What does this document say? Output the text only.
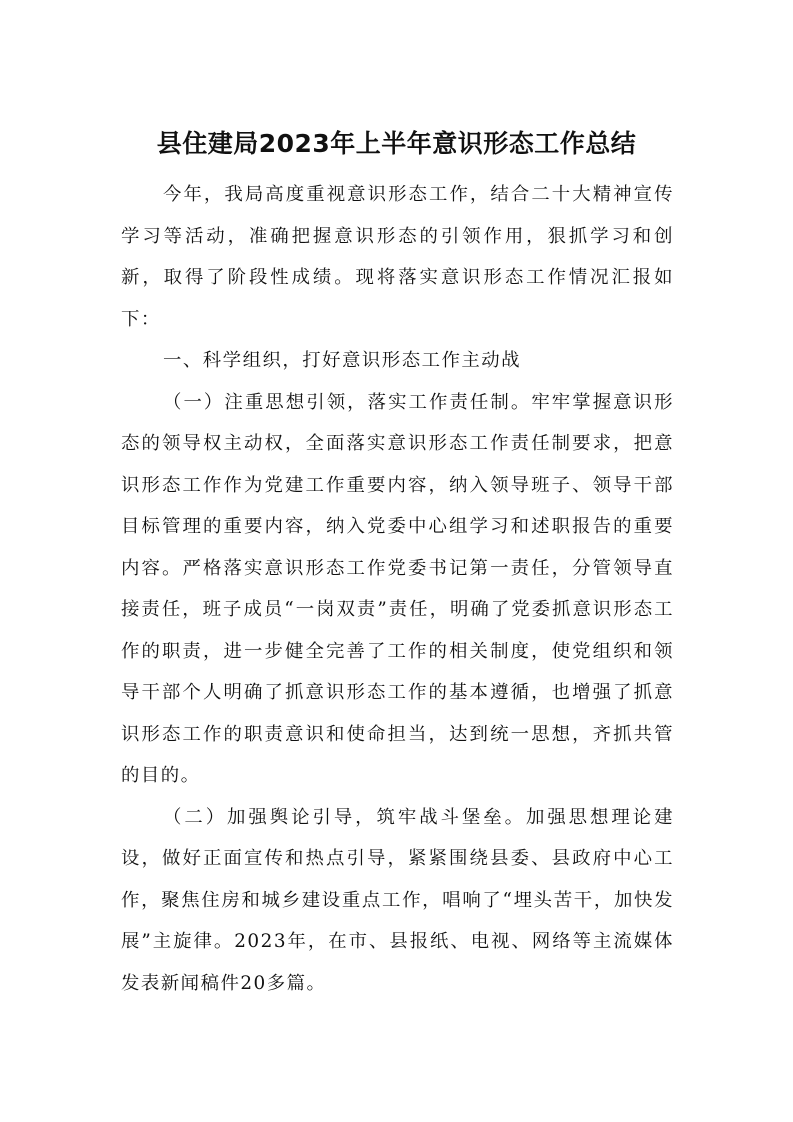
县住建局2023年上半年意识形态工作总结

今年，我局高度重视意识形态工作，结合二十大精神宣传学习等活动，准确把握意识形态的引领作用，狠抓学习和创新，取得了阶段性成绩。现将落实意识形态工作情况汇报如下：

一、科学组织，打好意识形态工作主动战

（一）注重思想引领，落实工作责任制。牢牢掌握意识形态的领导权主动权，全面落实意识形态工作责任制要求，把意识形态工作作为党建工作重要内容，纳入领导班子、领导干部目标管理的重要内容，纳入党委中心组学习和述职报告的重要内容。严格落实意识形态工作党委书记第一责任，分管领导直接责任，班子成员“一岗双责”责任，明确了党委抓意识形态工作的职责，进一步健全完善了工作的相关制度，使党组织和领导干部个人明确了抓意识形态工作的基本遵循，也增强了抓意识形态工作的职责意识和使命担当，达到统一思想，齐抓共管的目的。

（二）加强舆论引导，筑牢战斗堡垒。加强思想理论建设，做好正面宣传和热点引导，紧紧围绕县委、县政府中心工作，聚焦住房和城乡建设重点工作，唱响了“埋头苦干，加快发展”主旋律。2023年，在市、县报纸、电视、网络等主流媒体发表新闻稿件20多篇。
